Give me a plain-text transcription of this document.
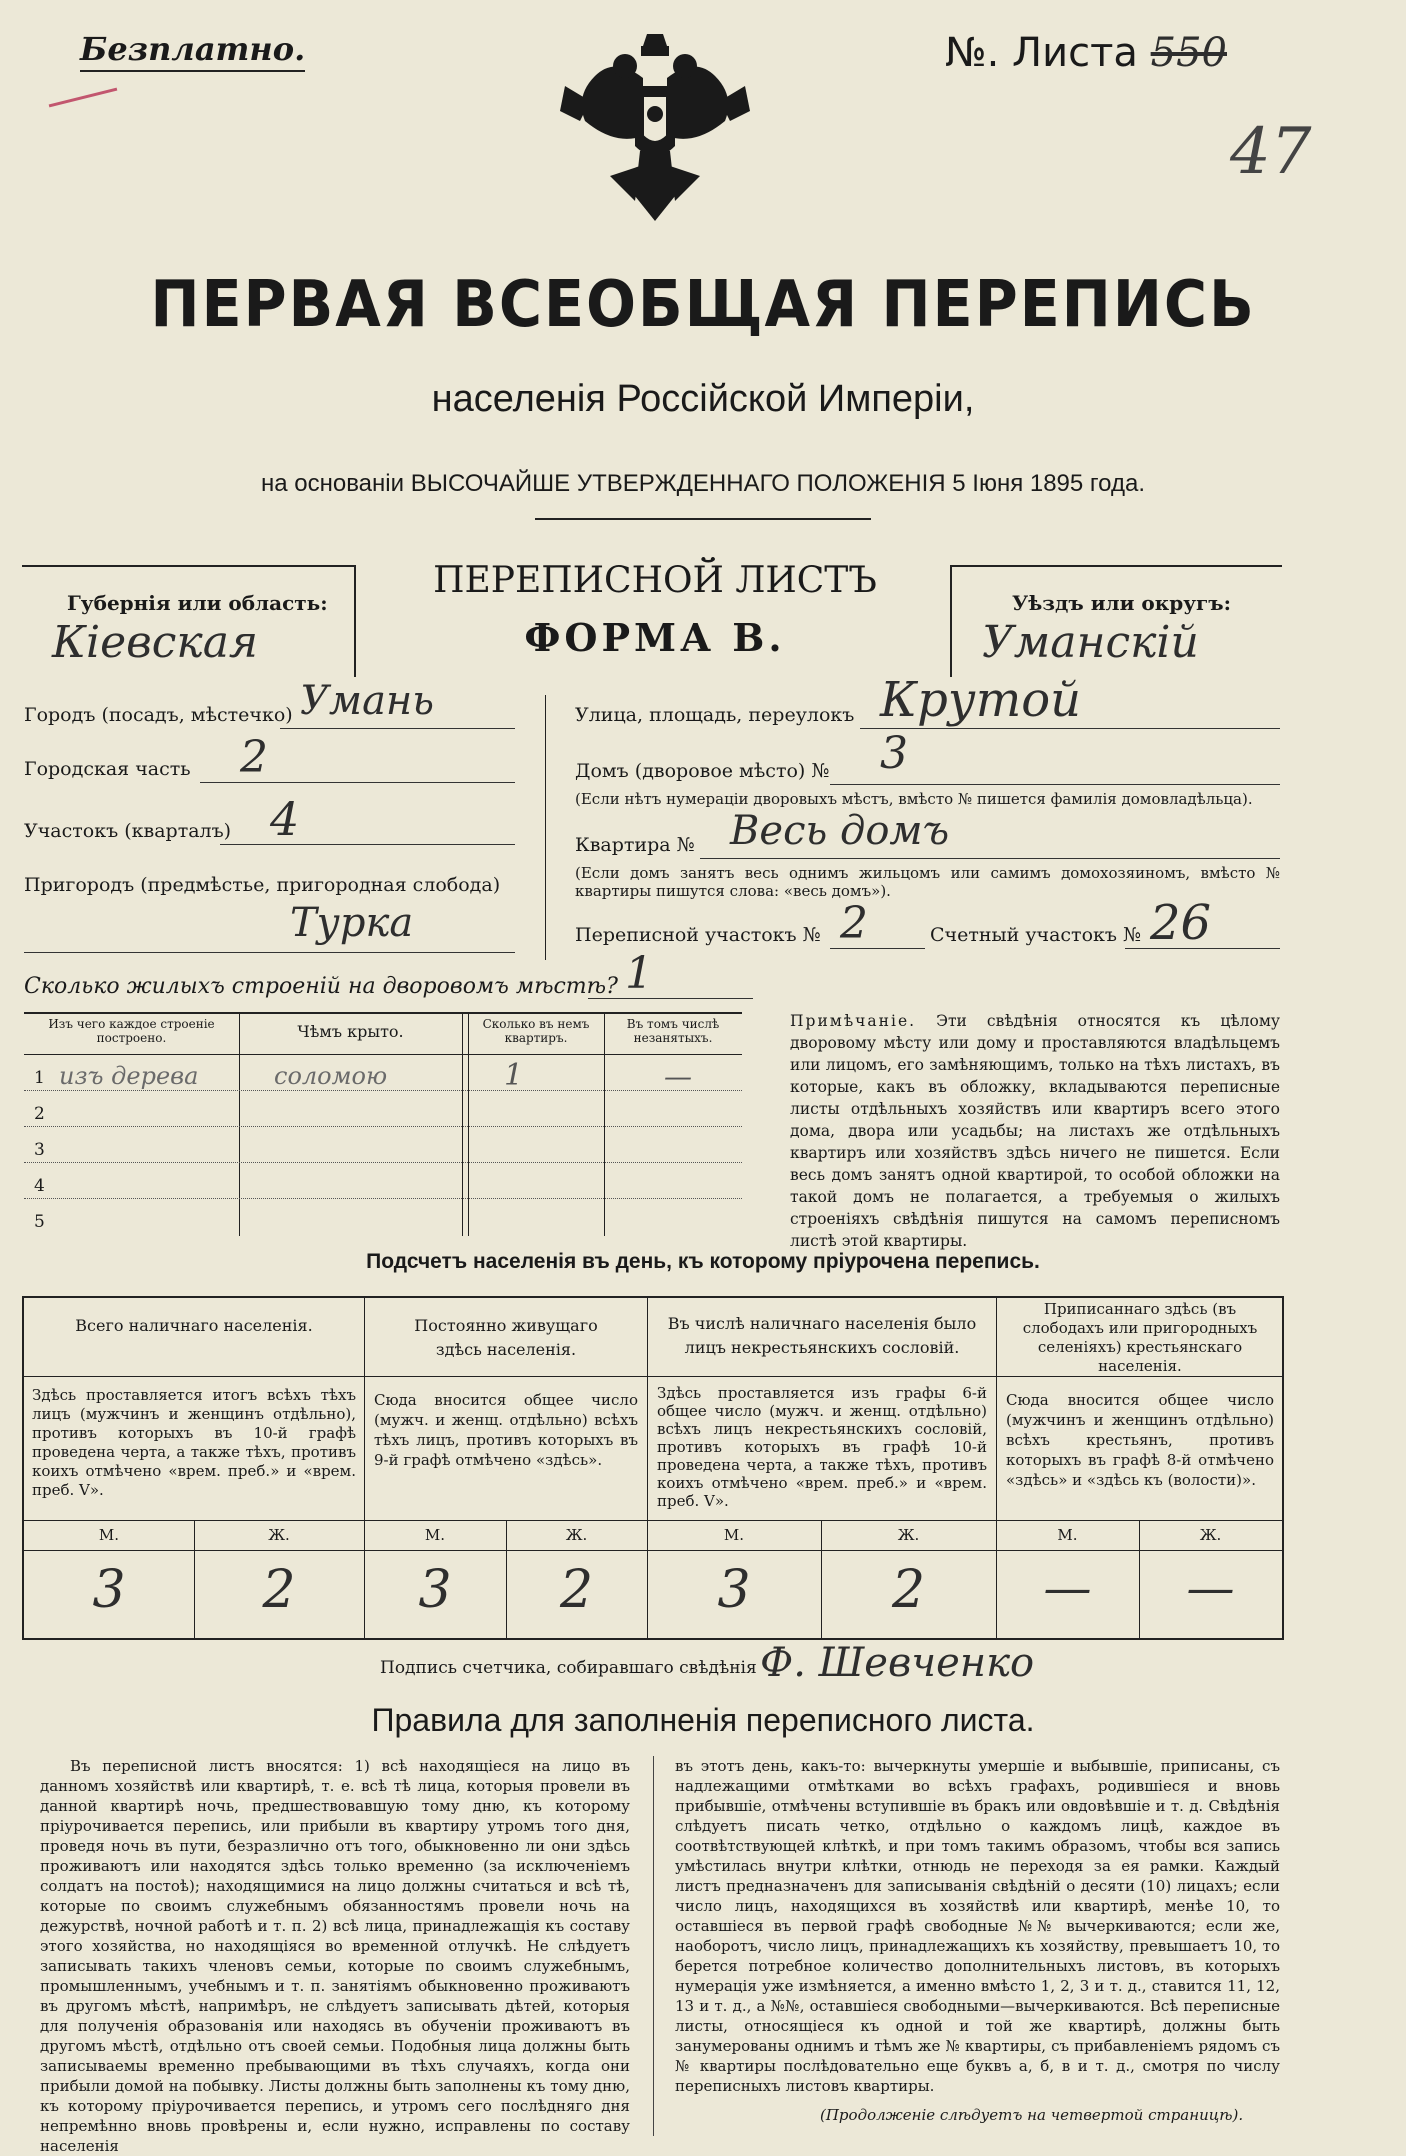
Безплатно.	№. Листа 550
47
ПЕРВАЯ ВСЕОБЩАЯ ПЕРЕПИСЬ
населенія Россійской Имперіи,
на основаніи ВЫСОЧАЙШЕ УТВЕРЖДЕННАГО ПОЛОЖЕНІЯ 5 Іюня 1895 года.
Губернія или область:
Кіевская
ПЕРЕПИСНОЙ ЛИСТЪ
ФОРМА В.
Уѣздъ или округъ:
Уманскій
Городъ (посадъ, мѣстечко) Умань
Городская часть 2
Участокъ (кварталъ) 4
Пригородъ (предмѣстье, пригородная слобода)
Турка
Улица, площадь, переулокъ Крутой
Домъ (дворовое мѣсто) № 3
(Если нѣтъ нумераціи дворовыхъ мѣстъ, вмѣсто № пишется фамилія домовладѣльца).
Квартира № Весь домъ
(Если домъ занятъ весь однимъ жильцомъ или самимъ домохозяиномъ, вмѣсто № квартиры пишутся слова: «весь домъ»).
Переписной участокъ № 2	Счетный участокъ № 26
Сколько жилыхъ строеній на дворовомъ мѣстѣ? 1
Изъ чего каждое строеніе построено.	Чѣмъ крыто.	Сколько въ немъ квартиръ.
Въ томъ числѣ незанятыхъ.
1 изъ дерева	соломою	1	—
2
3
4
5
Примѣчаніе. Эти свѣдѣнія относятся къ цѣлому дворовому мѣсту или дому и проставляются владѣльцемъ или лицомъ, его замѣняющимъ, только на тѣхъ листахъ, въ которые, какъ въ обложку, вкладываются переписные листы отдѣльныхъ хозяйствъ или квартиръ всего этого дома, двора или усадьбы; на листахъ же отдѣльныхъ квартиръ или хозяйствъ здѣсь ничего не пишется. Если весь домъ занятъ одной квартирой, то особой обложки на такой домъ не полагается, а требуемыя о жилыхъ строеніяхъ свѣдѣнія пишутся на самомъ переписномъ листѣ этой квартиры.
Подсчетъ населенія въ день, къ которому пріурочена перепись.
Всего наличнаго населенія.
Здѣсь проставляется итогъ всѣхъ тѣхъ лицъ (мужчинъ и женщинъ отдѣльно), противъ которыхъ въ 10-й графѣ проведена черта, а также тѣхъ, противъ коихъ отмѣчено «врем. преб.» и «врем. преб. V».
М.	Ж.
3	2
Постоянно живущаго здѣсь населенія.
Сюда вносится общее число (мужч. и женщ. отдѣльно) всѣхъ тѣхъ лицъ, противъ которыхъ въ 9-й графѣ отмѣчено «здѣсь».
М.	Ж.
3	2
Въ числѣ наличнаго населенія было лицъ некрестьянскихъ сословій.
Здѣсь проставляется изъ графы 6-й общее число (мужч. и женщ. отдѣльно) всѣхъ лицъ некрестьянскихъ сословій, противъ которыхъ въ графѣ 10-й проведена черта, а также тѣхъ, противъ коихъ отмѣчено «врем. преб.» и «врем. преб. V».
М.	Ж.
3	2
Приписаннаго здѣсь (въ слободахъ или пригородныхъ селеніяхъ) крестьянскаго населенія.
Сюда вносится общее число (мужчинъ и женщинъ отдѣльно) всѣхъ крестьянъ, противъ которыхъ въ графѣ 8-й отмѣчено «здѣсь» и «здѣсь къ (волости)».
М.	Ж.
—	—
Подпись счетчика, собиравшаго свѣдѣнія Ф. Шевченко
Правила для заполненія переписного листа.
Въ переписной листъ вносятся: 1) всѣ находящіеся на лицо въ данномъ хозяйствѣ или квартирѣ, т. е. всѣ тѣ лица, которыя провели въ данной квартирѣ ночь, предшествовавшую тому дню, къ которому пріурочивается перепись, или прибыли въ квартиру утромъ того дня, проведя ночь въ пути, безразлично отъ того, обыкновенно ли они здѣсь проживаютъ или находятся здѣсь только временно (за исключеніемъ солдатъ на постоѣ); находящимися на лицо должны считаться и всѣ тѣ, которые по своимъ служебнымъ обязанностямъ провели ночь на дежурствѣ, ночной работѣ и т. п. 2) всѣ лица, принадлежащія къ составу этого хозяйства, но находящіяся во временной отлучкѣ. Не слѣдуетъ записывать такихъ членовъ семьи, которые по своимъ служебнымъ, промышленнымъ, учебнымъ и т. п. занятіямъ обыкновенно проживаютъ въ другомъ мѣстѣ, напримѣръ, не слѣдуетъ записывать дѣтей, которыя для полученія образованія или находясь въ обученіи проживаютъ въ другомъ мѣстѣ, отдѣльно отъ своей семьи. Подобныя лица должны быть записываемы временно пребывающими въ тѣхъ случаяхъ, когда они прибыли домой на побывку. Листы должны быть заполнены къ тому дню, къ которому пріурочивается перепись, и утромъ сего послѣдняго дня непремѣнно вновь провѣрены и, если нужно, исправлены по составу населенія
въ этотъ день, какъ-то: вычеркнуты умершіе и выбывшіе, приписаны, съ надлежащими отмѣтками во всѣхъ графахъ, родившіеся и вновь прибывшіе, отмѣчены вступившіе въ бракъ или овдовѣвшіе и т. д. Свѣдѣнія слѣдуетъ писать четко, отдѣльно о каждомъ лицѣ, каждое въ соотвѣтствующей клѣткѣ, и при томъ такимъ образомъ, чтобы вся запись умѣстилась внутри клѣтки, отнюдь не переходя за ея рамки. Каждый листъ предназначенъ для записыванія свѣдѣній о десяти (10) лицахъ; если число лицъ, находящихся въ хозяйствѣ или квартирѣ, менѣе 10, то оставшіеся въ первой графѣ свободные №№ вычеркиваются; если же, наоборотъ, число лицъ, принадлежащихъ къ хозяйству, превышаетъ 10, то берется потребное количество дополнительныхъ листовъ, въ которыхъ нумерація уже измѣняется, а именно вмѣсто 1, 2, 3 и т. д., ставится 11, 12, 13 и т. д., а №№, оставшіеся свободными—вычеркиваются. Всѣ переписные листы, относящіеся къ одной и той же квартирѣ, должны быть занумерованы однимъ и тѣмъ же № квартиры, съ прибавленіемъ рядомъ съ № квартиры послѣдовательно еще буквъ а, б, в и т. д., смотря по числу переписныхъ листовъ квартиры.
(Продолженіе слѣдуетъ на четвертой страницѣ).
